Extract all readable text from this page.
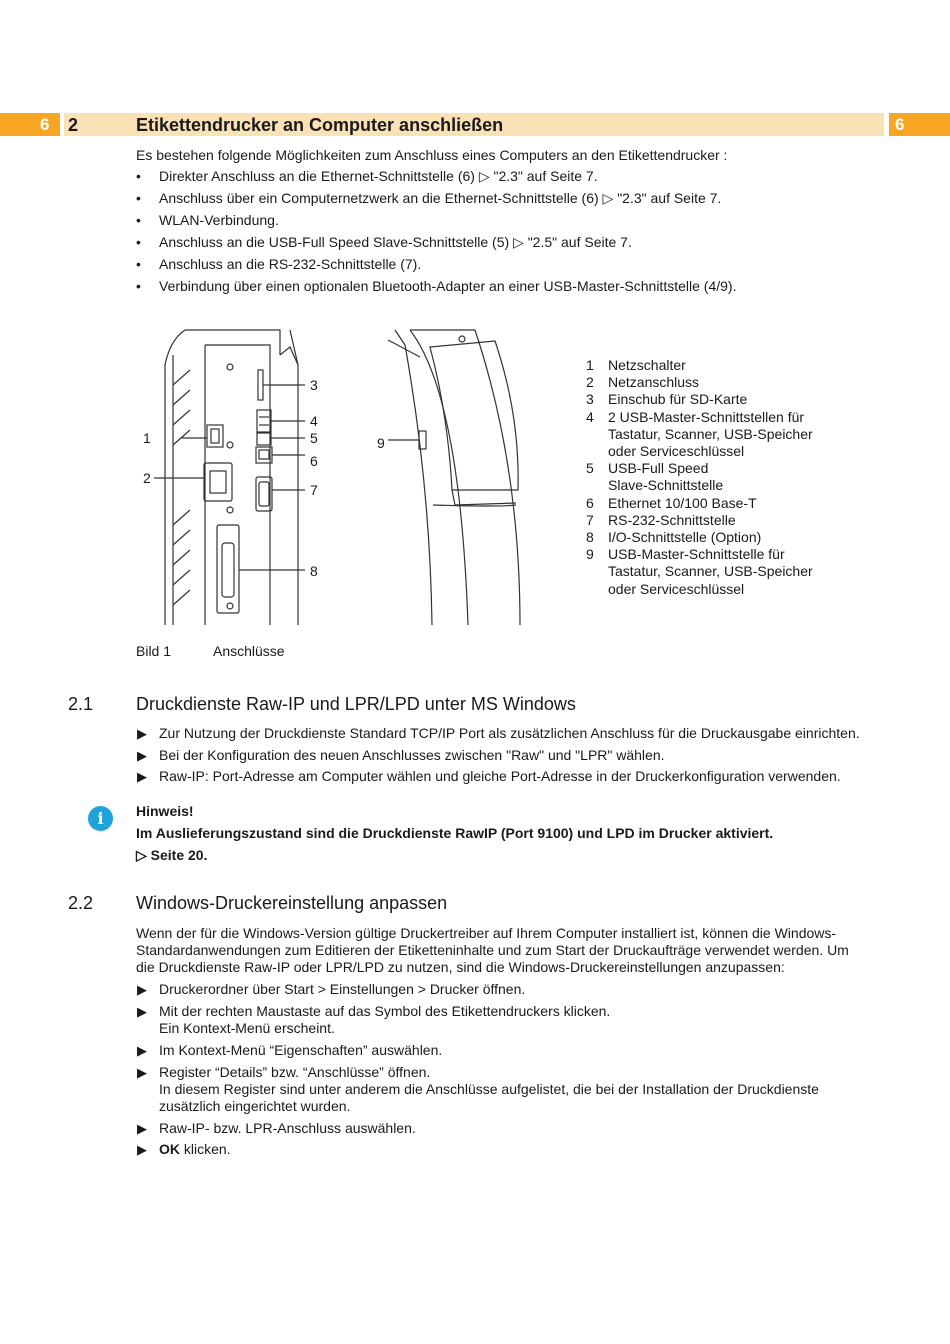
6 2	Etikettendrucker an Computer anschließen	6
Es bestehen folgende Möglichkeiten zum Anschluss eines Computers an den Etikettendrucker :
• Direkter Anschluss an die Ethernet-Schnittstelle (6) ▷ "2.3" auf Seite 7.
• Anschluss über ein Computernetzwerk an die Ethernet-Schnittstelle (6) ▷ "2.3" auf Seite 7.
• WLAN-Verbindung.
• Anschluss an die USB-Full Speed Slave-Schnittstelle (5) ▷ "2.5" auf Seite 7.
• Anschluss an die RS-232-Schnittstelle (7).
• Verbindung über einen optionalen Bluetooth-Adapter an einer USB-Master-Schnittstelle (4/9).
1
2
3
4
5
6
7
8
9
1	Netzschalter
2	Netzanschluss
3	Einschub für SD-Karte
4	2 USB-Master-Schnittstellen für
Tastatur, Scanner, USB-Speicher
oder Serviceschlüssel
5	USB-Full Speed
Slave-Schnittstelle
6	Ethernet 10/100 Base-T
7	RS-232-Schnittstelle
8	I/O-Schnittstelle (Option)
9	USB-Master-Schnittstelle für
Tastatur, Scanner, USB-Speicher
oder Serviceschlüssel
Bild 1	Anschlüsse
2.1 Druckdienste Raw-IP und LPR/LPD unter MS Windows
▶ Zur Nutzung der Druckdienste Standard TCP/IP Port als zusätzlichen Anschluss für die Druckausgabe einrichten.
▶ Bei der Konfiguration des neuen Anschlusses zwischen "Raw" und "LPR" wählen.
▶ Raw-IP: Port-Adresse am Computer wählen und gleiche Port-Adresse in der Druckerkonfiguration verwenden.
i	Hinweis!
Im Auslieferungszustand sind die Druckdienste RawIP (Port 9100) und LPD im Drucker aktiviert.
▷ Seite 20.
2.2 Windows-Druckereinstellung anpassen
Wenn der für die Windows-Version gültige Druckertreiber auf Ihrem Computer installiert ist, können die Windows-
Standardanwendungen zum Editieren der Etiketteninhalte und zum Start der Druckaufträge verwendet werden. Um
die Druckdienste Raw-IP oder LPR/LPD zu nutzen, sind die Windows-Druckereinstellungen anzupassen:
▶ Druckerordner über Start > Einstellungen > Drucker öffnen.
▶ Mit der rechten Maustaste auf das Symbol des Etikettendruckers klicken.
Ein Kontext-Menü erscheint.
▶ Im Kontext-Menü “Eigenschaften” auswählen.
▶ Register “Details” bzw. “Anschlüsse” öffnen.
In diesem Register sind unter anderem die Anschlüsse aufgelistet, die bei der Installation der Druckdienste
zusätzlich eingerichtet wurden.
▶ Raw-IP- bzw. LPR-Anschluss auswählen.
▶ OK klicken.
